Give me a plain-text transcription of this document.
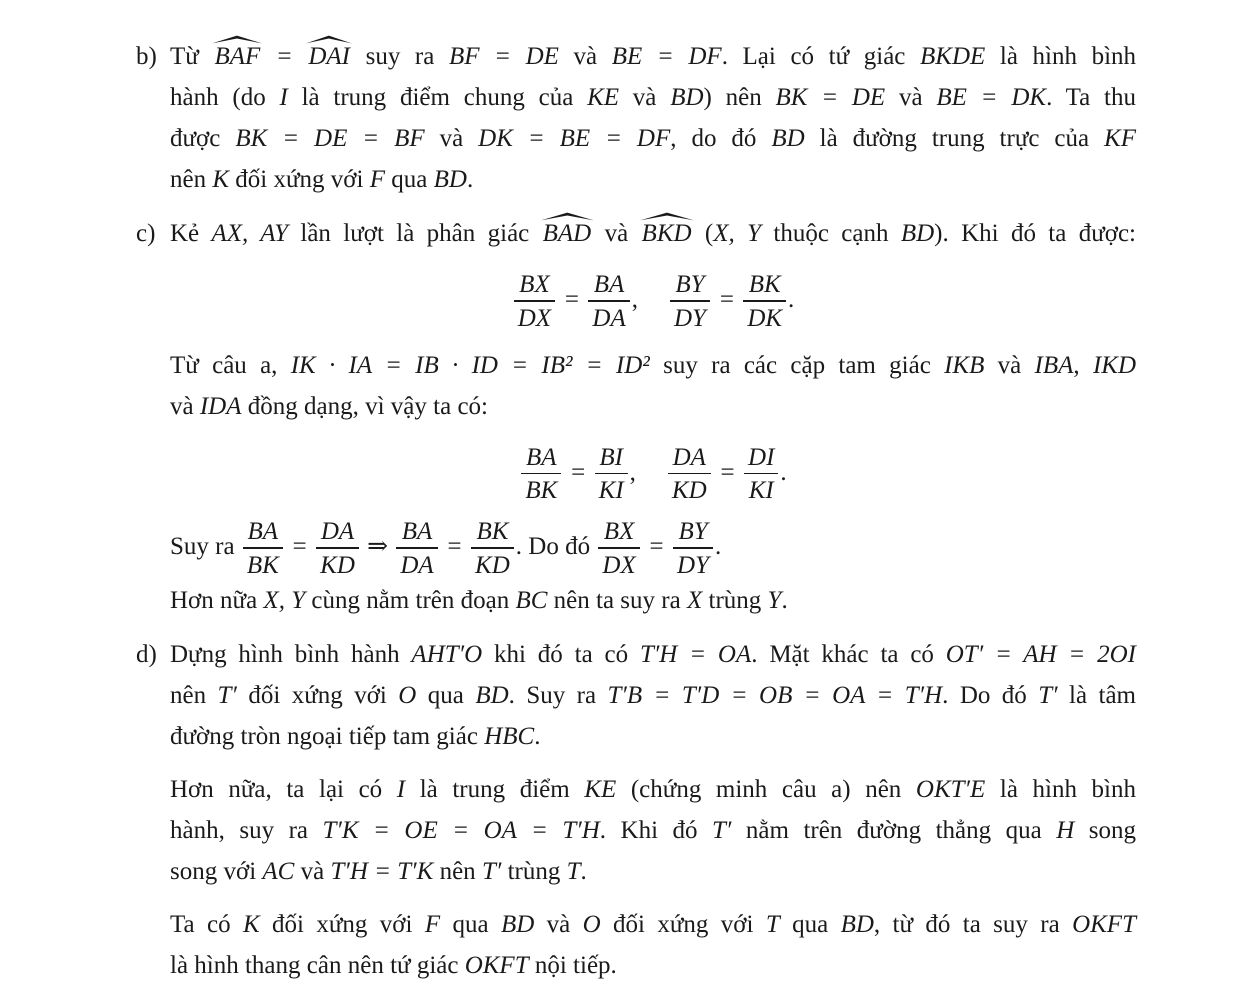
b) Từ
BAF =
DAI suy ra BF = DE và BE = DF. Lại có tứ giác BKDE là hình bình
hành (do I là trung điểm chung của KE và BD) nên BK = DE và BE = DK. Ta thu
được BK = DE = BF và DK = BE = DF, do đó BD là đường trung trực của KF
nên K đối xứng với F qua BD.
c) Kẻ AX, AY lần lượt là phân giác
BAD và
BKD (X, Y thuộc cạnh BD). Khi đó ta được:
$\frac{BX}{DX} = \frac{BA}{DA}$ , $\frac{BY}{DY} = \frac{BK}{DK}$ .
Từ câu a, IK · IA = IB · ID = IB² = ID² suy ra các cặp tam giác IKB và IBA, IKD
và IDA đồng dạng, vì vậy ta có:
$\frac{BA}{BK} = \frac{BI}{KI}$ , $\frac{DA}{KD} = \frac{DI}{KI}$ .
Suy ra $\frac{BA}{BK} = \frac{DA}{KD}$ ⇒ $\frac{BA}{DA} = \frac{BK}{KD}$ . Do đó $\frac{BX}{DX} = \frac{BY}{DY}$ .
Hơn nữa X, Y cùng nằm trên đoạn BC nên ta suy ra X trùng Y.
d) Dựng hình bình hành AHT′O khi đó ta có T′H = OA. Mặt khác ta có OT′ = AH = 2OI
nên T′ đối xứng với O qua BD. Suy ra T′B = T′D = OB = OA = T′H. Do đó T′ là tâm
đường tròn ngoại tiếp tam giác HBC.
Hơn nữa, ta lại có I là trung điểm KE (chứng minh câu a) nên OKT′E là hình bình
hành, suy ra T′K = OE = OA = T′H. Khi đó T′ nằm trên đường thẳng qua H song
song với AC và T′H = T′K nên T′ trùng T.
Ta có K đối xứng với F qua BD và O đối xứng với T qua BD, từ đó ta suy ra OKFT
là hình thang cân nên tứ giác OKFT nội tiếp.
